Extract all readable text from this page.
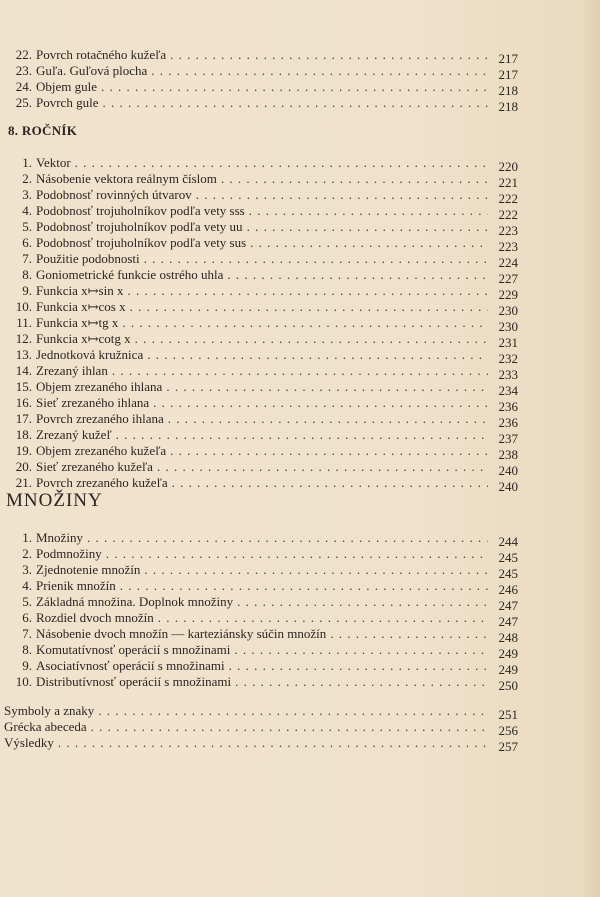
22. Povrch rotačného kužeľa . . .	217
23. Guľa. Guľová plocha . . .	217
24. Objem gule . . .	218
25. Povrch gule . . .	218
8. ROČNÍK
1. Vektor . . .	220
2. Násobenie vektora reálnym číslom . . .	221
3. Podobnosť rovinných útvarov . . .	222
4. Podobnosť trojuholníkov podľa vety sss . . .	222
5. Podobnosť trojuholníkov podľa vety uu . . .	223
6. Podobnosť trojuholníkov podľa vety sus . . .	223
7. Použitie podobnosti . . .	224
8. Goniometrické funkcie ostrého uhla . . .	227
9. Funkcia x↦sin x . . .	229
10. Funkcia x↦cos x . . .	230
11. Funkcia x↦tg x . . .	230
12. Funkcia x↦cotg x . . .	231
13. Jednotková kružnica . . .	232
14. Zrezaný ihlan . . .	233
15. Objem zrezaného ihlana . . .	234
16. Sieť zrezaného ihlana . . .	236
17. Povrch zrezaného ihlana . . .	236
18. Zrezaný kužeľ . . .	237
19. Objem zrezaného kužeľa . . .	238
20. Sieť zrezaného kužeľa . . .	240
21. Povrch zrezaného kužeľa . . .	240
MNOŽINY
1. Množiny . . .	244
2. Podmnožiny . . .	245
3. Zjednotenie množín . . .	245
4. Prienik množín . . .	246
5. Základná množina. Doplnok množiny . . .	247
6. Rozdiel dvoch množín . . .	247
7. Násobenie dvoch množín — karteziánsky súčin množín . . .	248
8. Komutatívnosť operácií s množinami . . .	249
9. Asociatívnosť operácií s množinami . . .	249
10. Distributívnosť operácií s množinami . . .	250
Symboly a znaky . . .	251
Grécka abeceda . . .	256
Výsledky . . .	257
